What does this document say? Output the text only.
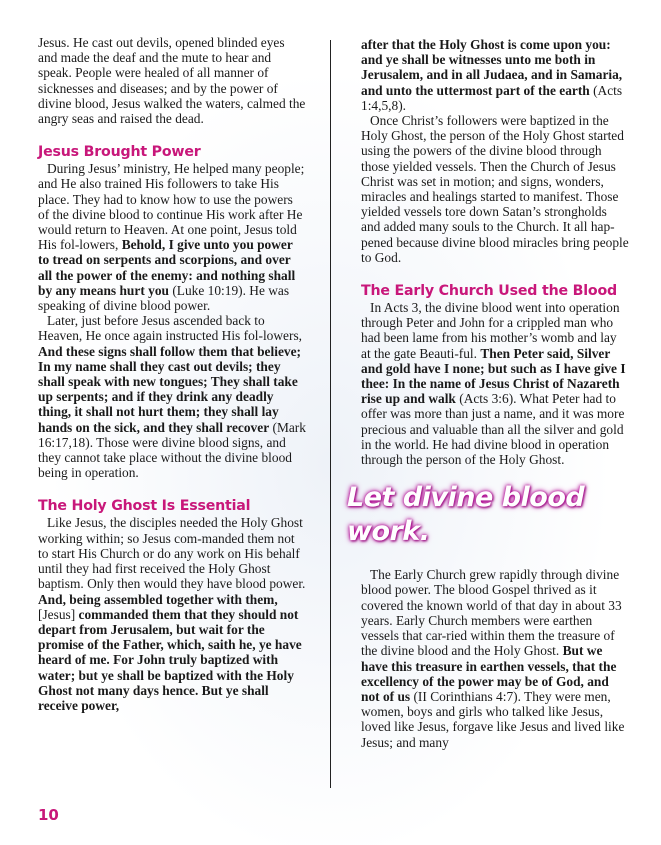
Jesus. He cast out devils, opened blinded eyes and made the deaf and the mute to hear and speak. People were healed of all manner of sicknesses and diseases; and by the power of divine blood, Jesus walked the waters, calmed the angry seas and raised the dead.

Jesus Brought Power

During Jesus’ ministry, He helped many people; and He also trained His followers to take His place. They had to know how to use the powers of the divine blood to continue His work after He would return to Heaven. At one point, Jesus told His fol-lowers, Behold, I give unto you power to tread on serpents and scorpions, and over all the power of the enemy: and nothing shall by any means hurt you (Luke 10:19). He was speaking of divine blood power.

Later, just before Jesus ascended back to Heaven, He once again instructed His fol-lowers, And these signs shall follow them that believe; In my name shall they cast out devils; they shall speak with new tongues; They shall take up serpents; and if they drink any deadly thing, it shall not hurt them; they shall lay hands on the sick, and they shall recover (Mark 16:17,18). Those were divine blood signs, and they cannot take place without the divine blood being in operation.

The Holy Ghost Is Essential

Like Jesus, the disciples needed the Holy Ghost working within; so Jesus com-manded them not to start His Church or do any work on His behalf until they had first received the Holy Ghost baptism. Only then would they have blood power. And, being assembled together with them, [Jesus] commanded them that they should not depart from Jerusalem, but wait for the promise of the Father, which, saith he, ye have heard of me. For John truly baptized with water; but ye shall be baptized with the Holy Ghost not many days hence. But ye shall receive power,

after that the Holy Ghost is come upon you: and ye shall be witnesses unto me both in Jerusalem, and in all Judaea, and in Samaria, and unto the uttermost part of the earth (Acts 1:4,5,8).

Once Christ’s followers were baptized in the Holy Ghost, the person of the Holy Ghost started using the powers of the divine blood through those yielded vessels. Then the Church of Jesus Christ was set in motion; and signs, wonders, miracles and healings started to manifest. Those yielded vessels tore down Satan’s strongholds and added many souls to the Church. It all hap-pened because divine blood miracles bring people to God.

The Early Church Used the Blood

In Acts 3, the divine blood went into operation through Peter and John for a crippled man who had been lame from his mother’s womb and lay at the gate Beauti-ful. Then Peter said, Silver and gold have I none; but such as I have give I thee: In the name of Jesus Christ of Nazareth rise up and walk (Acts 3:6). What Peter had to offer was more than just a name, and it was more precious and valuable than all the silver and gold in the world. He had divine blood in operation through the person of the Holy Ghost.

Let divine blood work.

The Early Church grew rapidly through divine blood power. The blood Gospel thrived as it covered the known world of that day in about 33 years. Early Church members were earthen vessels that car-ried within them the treasure of the divine blood and the Holy Ghost. But we have this treasure in earthen vessels, that the excellency of the power may be of God, and not of us (II Corinthians 4:7). They were men, women, boys and girls who talked like Jesus, loved like Jesus, forgave like Jesus and lived like Jesus; and many

10
